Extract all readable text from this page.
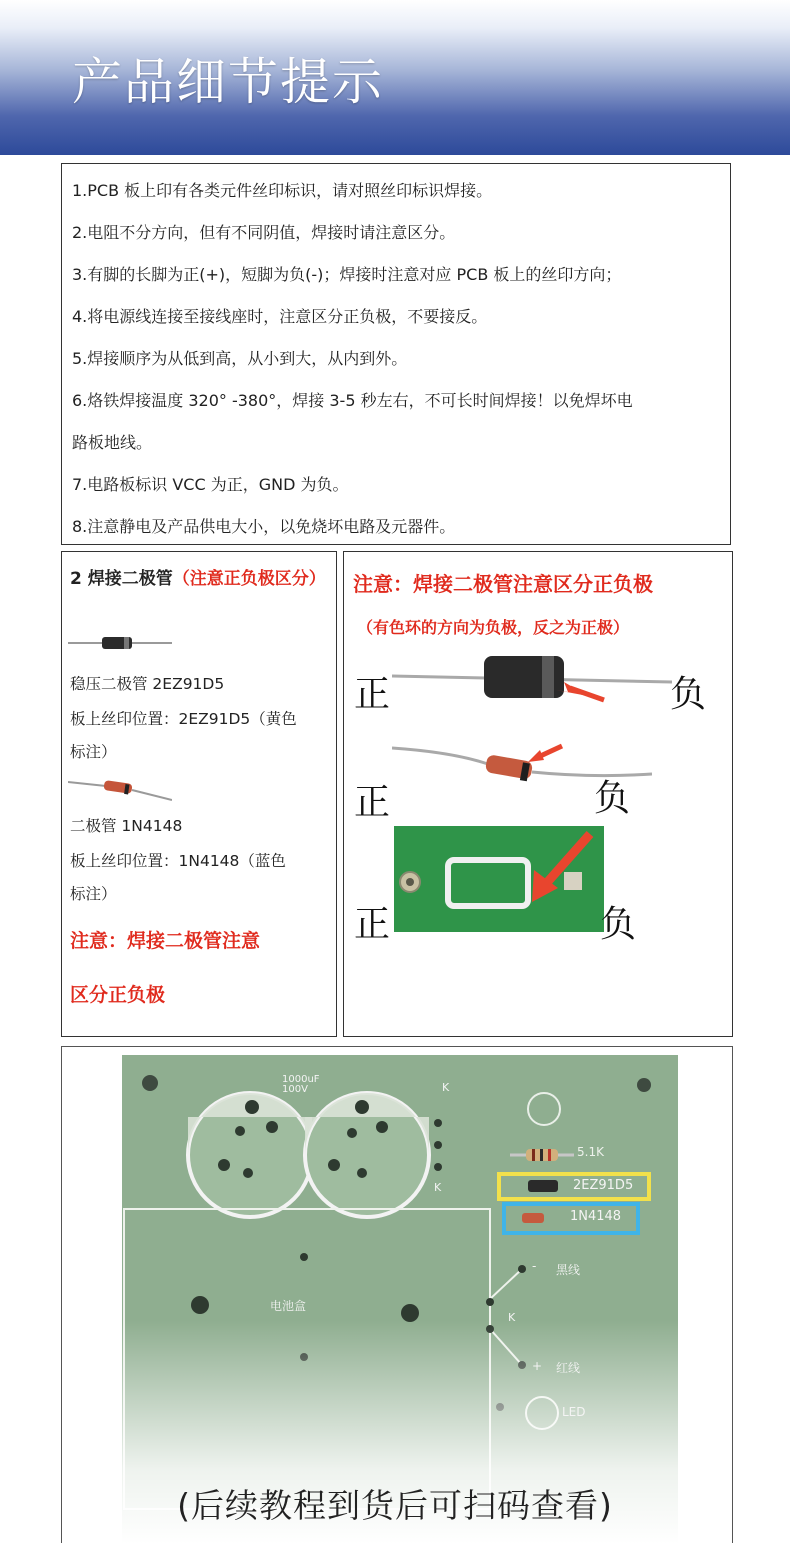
产品细节提示
1.PCB 板上印有各类元件丝印标识，请对照丝印标识焊接。
2.电阻不分方向，但有不同阴值，焊接时请注意区分。
3.有脚的长脚为正(+)，短脚为负(-)；焊接时注意对应 PCB 板上的丝印方向；
4.将电源线连接至接线座时，注意区分正负极，不要接反。
5.焊接顺序为从低到高，从小到大，从内到外。
6.烙铁焊接温度 320° -380°，焊接 3-5 秒左右，不可长时间焊接！以免焊坏电
路板地线。
7.电路板标识 VCC 为正，GND 为负。
8.注意静电及产品供电大小，以免烧坏电路及元器件。
2 焊接二极管（注意正负极区分）
稳压二极管 2EZ91D5
板上丝印位置：2EZ91D5（黄色
标注）
二极管 1N4148
板上丝印位置：1N4148（蓝色
标注）
注意：焊接二极管注意
区分正负极
注意：焊接二极管注意区分正负极
（有色环的方向为负极，反之为正极）
正	负
正	负
正	负
1000uF
100V	K
K
5.1K
2EZ91D5
1N4148
电池盒
- 黑线
K
+ 红线
LED
(后续教程到货后可扫码查看)
